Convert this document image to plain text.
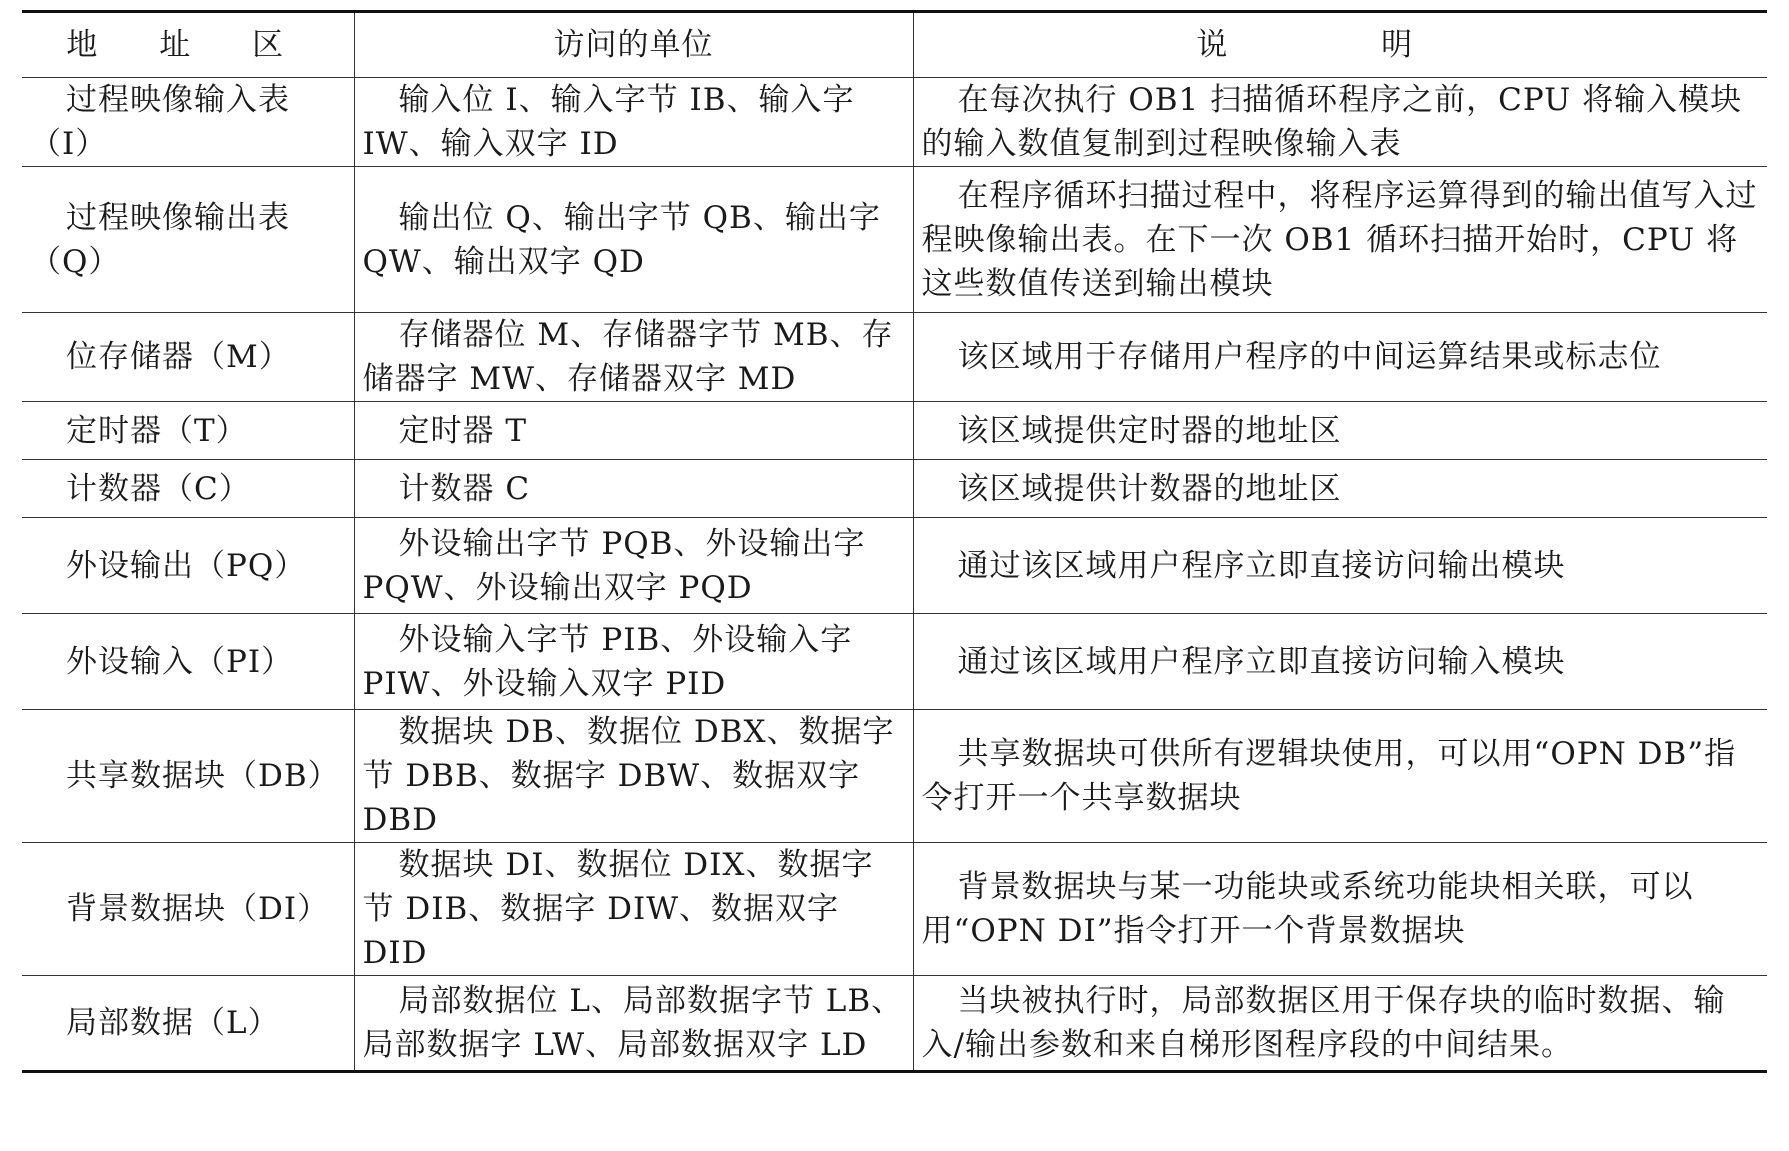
地 址 区	访问的单位	说 明
过程映像输入表（I）	输入位 I、输入字节 IB、输入字 IW、输入双字 ID	在每次执行 OB1 扫描循环程序之前，CPU 将输入模块的输入数值复制到过程映像输入表
过程映像输出表（Q）	输出位 Q、输出字节 QB、输出字 QW、输出双字 QD	在程序循环扫描过程中，将程序运算得到的输出值写入过程映像输出表。在下一次 OB1 循环扫描开始时，CPU 将这些数值传送到输出模块
位存储器（M）	存储器位 M、存储器字节 MB、存储器字 MW、存储器双字 MD	该区域用于存储用户程序的中间运算结果或标志位
定时器（T）	定时器 T	该区域提供定时器的地址区
计数器（C）	计数器 C	该区域提供计数器的地址区
外设输出（PQ）	外设输出字节 PQB、外设输出字 PQW、外设输出双字 PQD	通过该区域用户程序立即直接访问输出模块
外设输入（PI）	外设输入字节 PIB、外设输入字 PIW、外设输入双字 PID	通过该区域用户程序立即直接访问输入模块
共享数据块（DB）	数据块 DB、数据位 DBX、数据字节 DBB、数据字 DBW、数据双字 DBD	共享数据块可供所有逻辑块使用，可以用“OPN DB”指令打开一个共享数据块
背景数据块（DI）	数据块 DI、数据位 DIX、数据字节 DIB、数据字 DIW、数据双字 DID	背景数据块与某一功能块或系统功能块相关联，可以用“OPN DI”指令打开一个背景数据块
局部数据（L）	局部数据位 L、局部数据字节 LB、局部数据字 LW、局部数据双字 LD	当块被执行时，局部数据区用于保存块的临时数据、输入/输出参数和来自梯形图程序段的中间结果。
